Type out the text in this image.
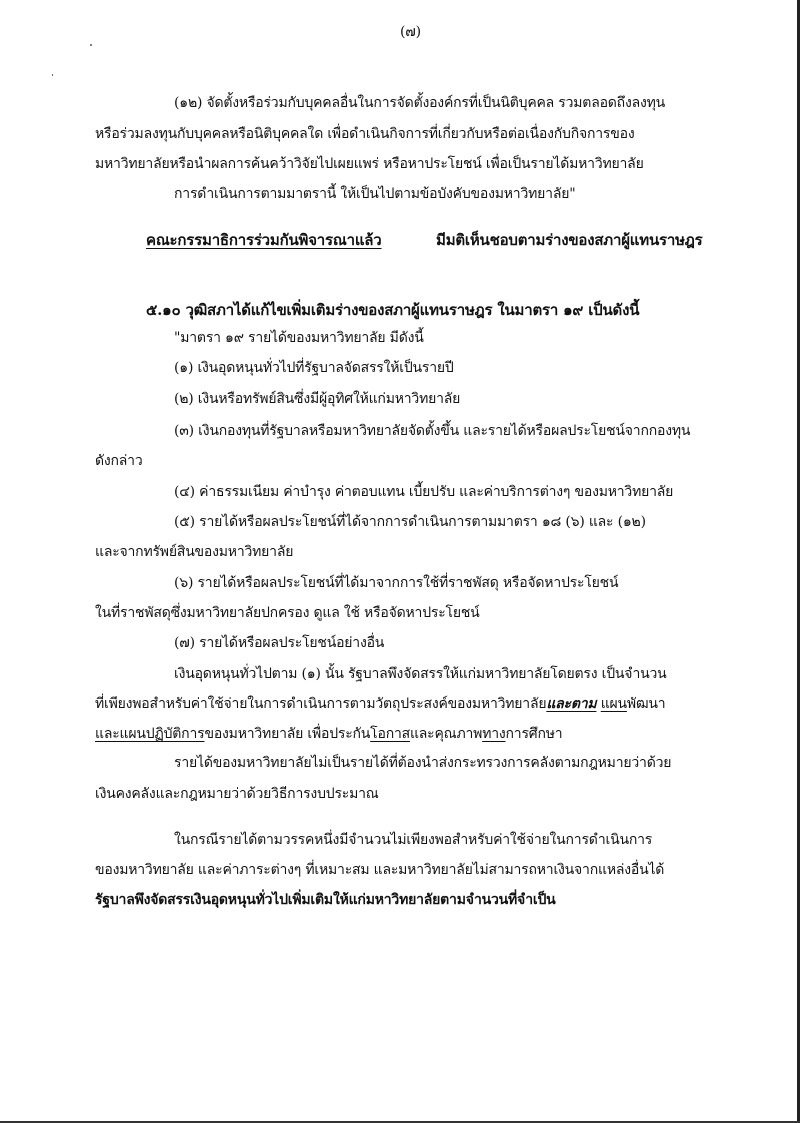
(๗)
(๑๒) จัดตั้งหรือร่วมกับบุคคลอื่นในการจัดตั้งองค์กรที่เป็นนิติบุคคล รวมตลอดถึงลงทุน
หรือร่วมลงทุนกับบุคคลหรือนิติบุคคลใด เพื่อดำเนินกิจการที่เกี่ยวกับหรือต่อเนื่องกับกิจการของ
มหาวิทยาลัยหรือนำผลการค้นคว้าวิจัยไปเผยแพร่ หรือหาประโยชน์ เพื่อเป็นรายได้มหาวิทยาลัย
การดำเนินการตามมาตรานี้ ให้เป็นไปตามข้อบังคับของมหาวิทยาลัย"
คณะกรรมาธิการร่วมกันพิจารณาแล้ว	มีมติเห็นชอบตามร่างของสภาผู้แทนราษฎร
๕.๑๐ วุฒิสภาได้แก้ไขเพิ่มเติมร่างของสภาผู้แทนราษฎร ในมาตรา ๑๙ เป็นดังนี้
"มาตรา ๑๙ รายได้ของมหาวิทยาลัย มีดังนี้
(๑) เงินอุดหนุนทั่วไปที่รัฐบาลจัดสรรให้เป็นรายปี
(๒) เงินหรือทรัพย์สินซึ่งมีผู้อุทิศให้แก่มหาวิทยาลัย
(๓) เงินกองทุนที่รัฐบาลหรือมหาวิทยาลัยจัดตั้งขึ้น และรายได้หรือผลประโยชน์จากกองทุน
ดังกล่าว
(๔) ค่าธรรมเนียม ค่าบำรุง ค่าตอบแทน เบี้ยปรับ และค่าบริการต่างๆ ของมหาวิทยาลัย
(๕) รายได้หรือผลประโยชน์ที่ได้จากการดำเนินการตามมาตรา ๑๘ (๖) และ (๑๒)
และจากทรัพย์สินของมหาวิทยาลัย
(๖) รายได้หรือผลประโยชน์ที่ได้มาจากการใช้ที่ราชพัสดุ หรือจัดหาประโยชน์
ในที่ราชพัสดุซึ่งมหาวิทยาลัยปกครอง ดูแล ใช้ หรือจัดหาประโยชน์
(๗) รายได้หรือผลประโยชน์อย่างอื่น
เงินอุดหนุนทั่วไปตาม (๑) นั้น รัฐบาลพึงจัดสรรให้แก่มหาวิทยาลัยโดยตรง เป็นจำนวน
ที่เพียงพอสำหรับค่าใช้จ่ายในการดำเนินการตามวัตถุประสงค์ของมหาวิทยาลัยและตาม แผนพัฒนา
และแผนปฏิบัติการของมหาวิทยาลัย เพื่อประกันโอกาสและคุณภาพทางการศึกษา
รายได้ของมหาวิทยาลัยไม่เป็นรายได้ที่ต้องนำส่งกระทรวงการคลังตามกฎหมายว่าด้วย
เงินคงคลังและกฎหมายว่าด้วยวิธีการงบประมาณ
ในกรณีรายได้ตามวรรคหนึ่งมีจำนวนไม่เพียงพอสำหรับค่าใช้จ่ายในการดำเนินการ
ของมหาวิทยาลัย และค่าภาระต่างๆ ที่เหมาะสม และมหาวิทยาลัยไม่สามารถหาเงินจากแหล่งอื่นได้
รัฐบาลพึงจัดสรรเงินอุดหนุนทั่วไปเพิ่มเติมให้แก่มหาวิทยาลัยตามจำนวนที่จำเป็น
